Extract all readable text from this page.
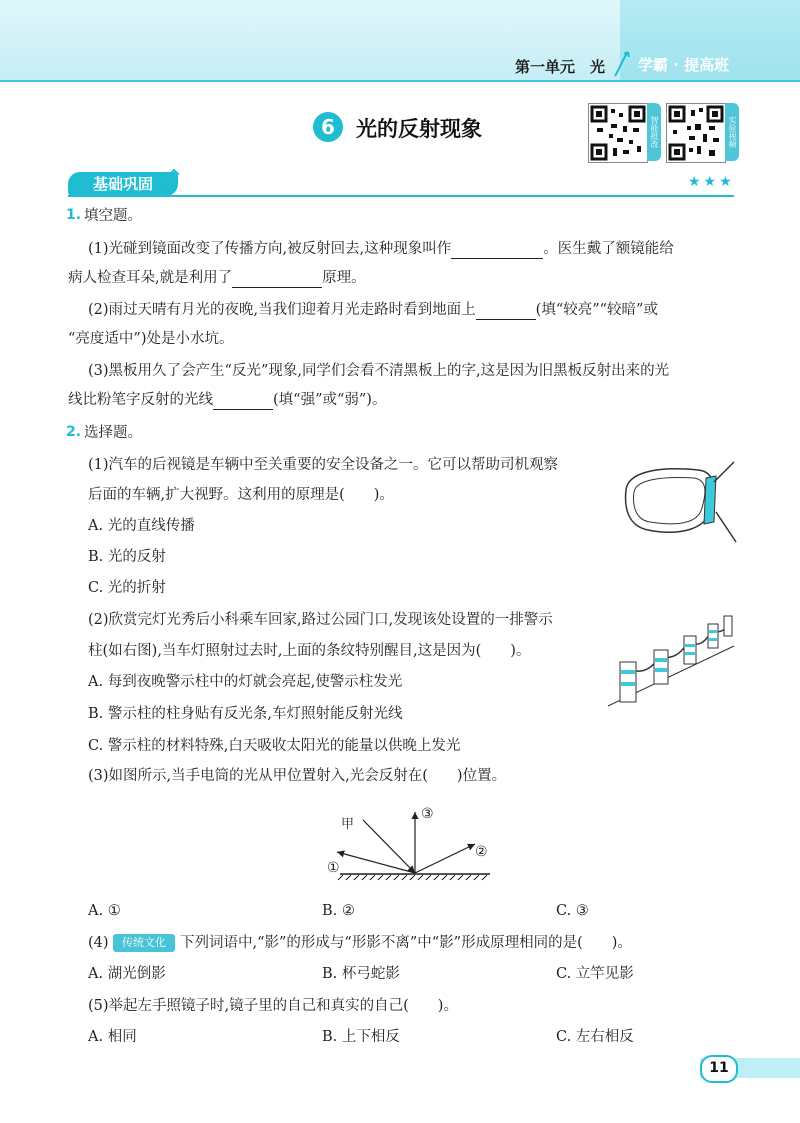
第一单元 光 学霸 · 提高班
6	光的反射现象	智能批改	实验视频
基础巩固	★★★
1. 填空题。
(1)光碰到镜面改变了传播方向,被反射回去,这种现象叫作	。医生戴了额镜能给
病人检查耳朵,就是利用了	原理。
(2)雨过天晴有月光的夜晚,当我们迎着月光走路时看到地面上	(填“较亮”“较暗”或
“亮度适中”)处是小水坑。
(3)黑板用久了会产生“反光”现象,同学们会看不清黑板上的字,这是因为旧黑板反射出来的光
线比粉笔字反射的光线	(填“强”或“弱”)。
2. 选择题。
(1)汽车的后视镜是车辆中至关重要的安全设备之一。它可以帮助司机观察
后面的车辆,扩大视野。这利用的原理是(　　)。
A. 光的直线传播
B. 光的反射
C. 光的折射
(2)欣赏完灯光秀后小科乘车回家,路过公园门口,发现该处设置的一排警示
柱(如右图),当车灯照射过去时,上面的条纹特别醒目,这是因为(　　)。
A. 每到夜晚警示柱中的灯就会亮起,使警示柱发光
B. 警示柱的柱身贴有反光条,车灯照射能反射光线
C. 警示柱的材料特殊,白天吸收太阳光的能量以供晚上发光
(3)如图所示,当手电筒的光从甲位置射入,光会反射在(　　)位置。
甲
①
③
②
A. ①	B. ②	C. ③
(4)	传统文化 下列词语中,“影”的形成与“形影不离”中“影”形成原理相同的是(　　)。
A. 湖光倒影	B. 杯弓蛇影	C. 立竿见影
(5)举起左手照镜子时,镜子里的自己和真实的自己(　　)。
A. 相同	B. 上下相反	C. 左右相反
11
